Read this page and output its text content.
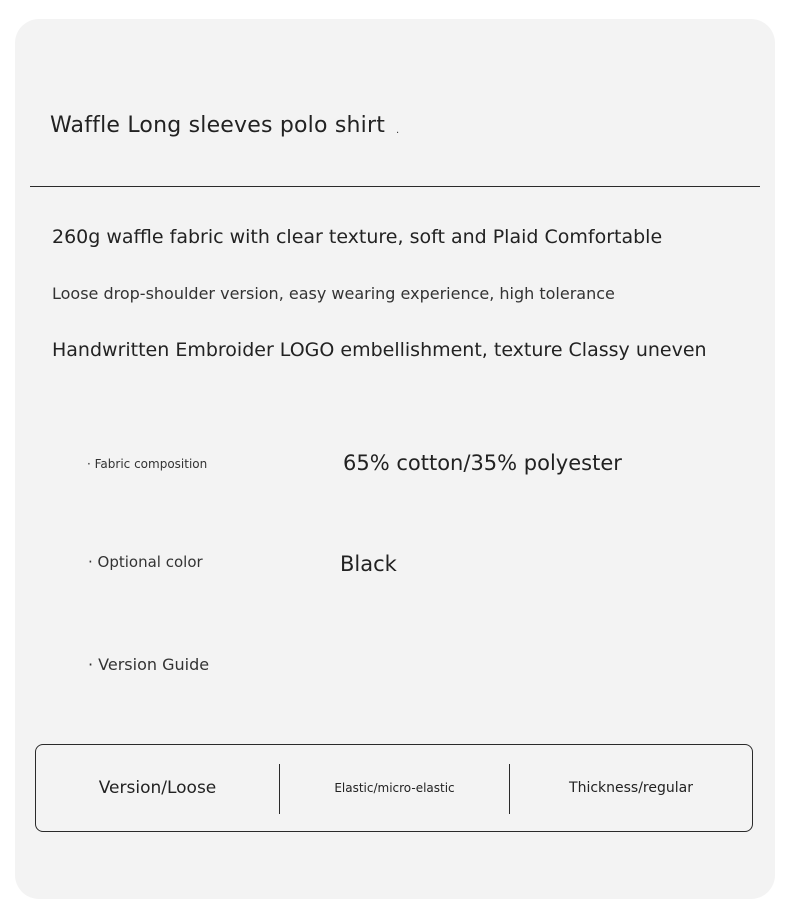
Waffle Long sleeves polo shirt .
260g waffle fabric with clear texture, soft and Plaid Comfortable
Loose drop-shoulder version, easy wearing experience, high tolerance
Handwritten Embroider LOGO embellishment, texture Classy uneven
· Fabric composition	65% cotton/35% polyester
· Optional color	Black
· Version Guide
Version/Loose	Elastic/micro-elastic	Thickness/regular
